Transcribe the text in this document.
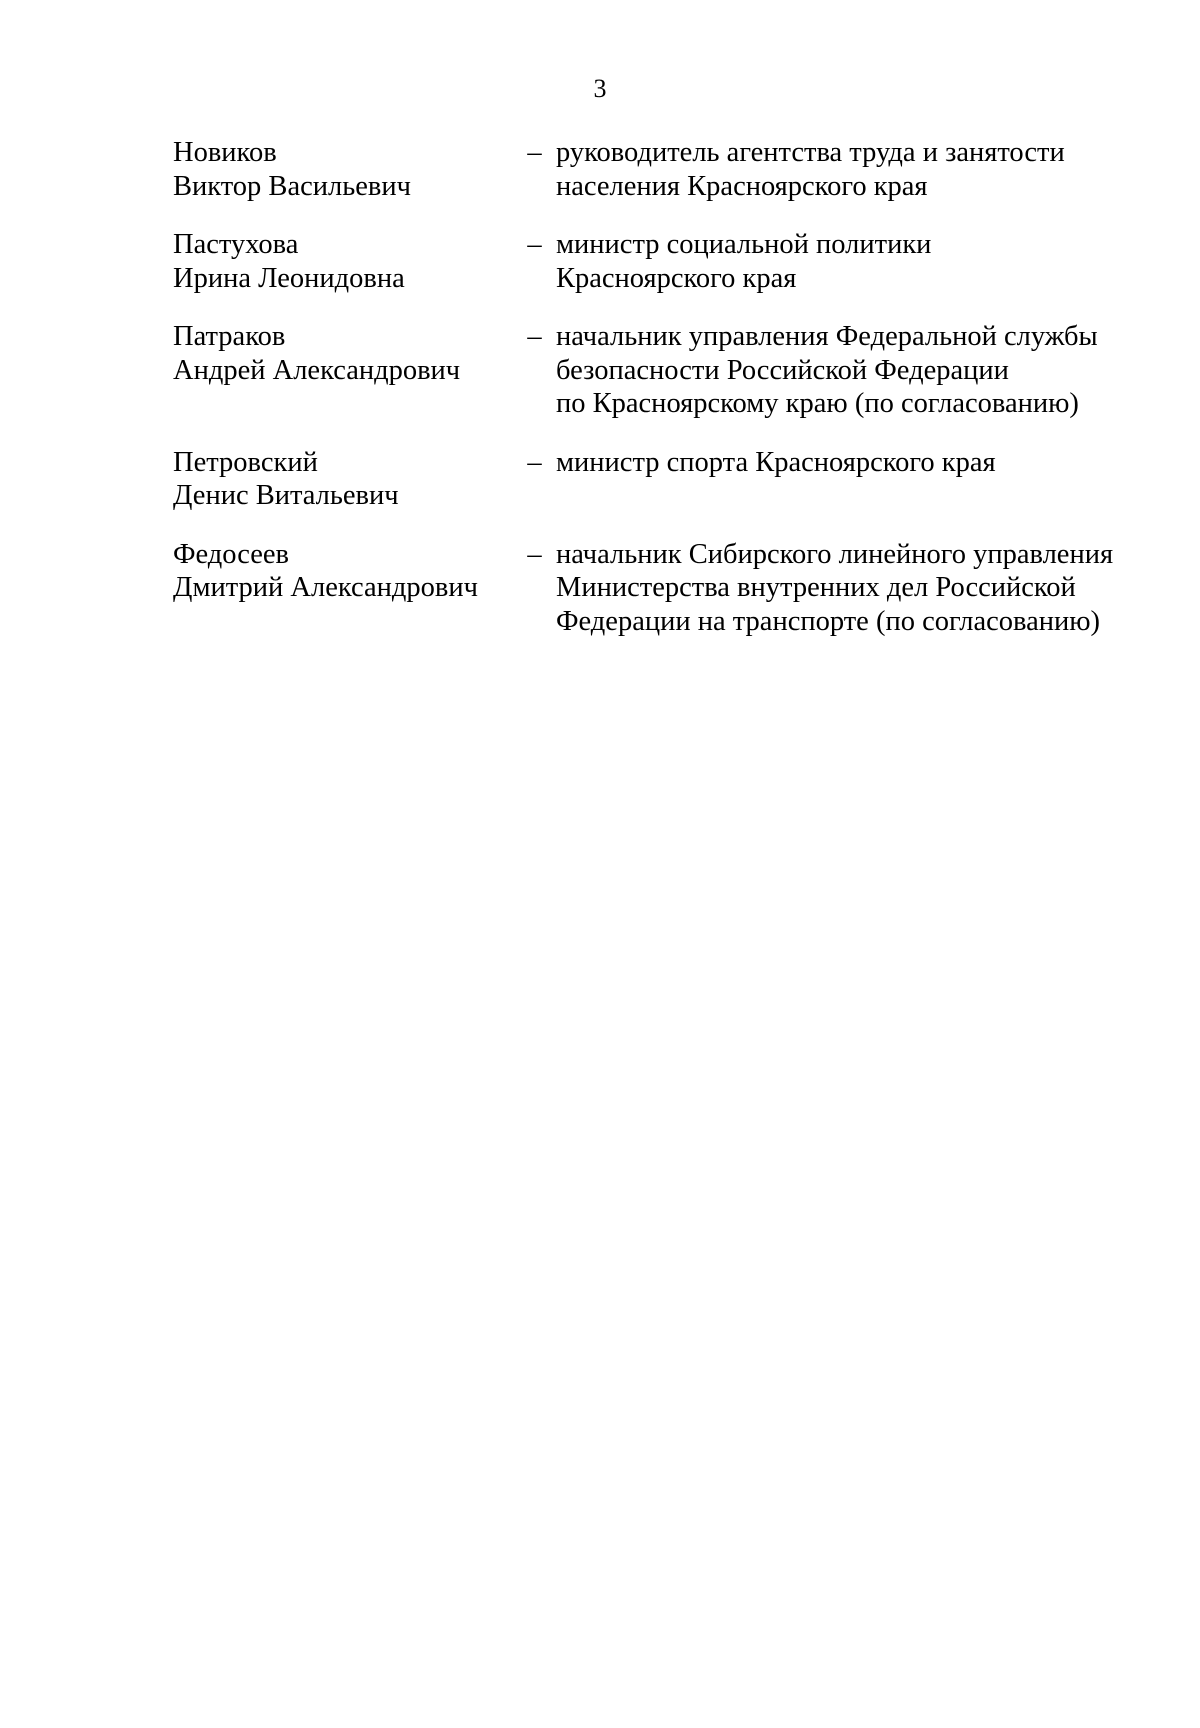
3
Новиков
Виктор Васильевич
– руководитель агентства труда и занятости
населения Красноярского края
Пастухова
Ирина Леонидовна
– министр социальной политики
Красноярского края
Патраков
Андрей Александрович
– начальник управления Федеральной службы
безопасности Российской Федерации
по Красноярскому краю (по согласованию)
Петровский
Денис Витальевич
– министр спорта Красноярского края
Федосеев
Дмитрий Александрович
– начальник Сибирского линейного управления
Министерства внутренних дел Российской
Федерации на транспорте (по согласованию)
